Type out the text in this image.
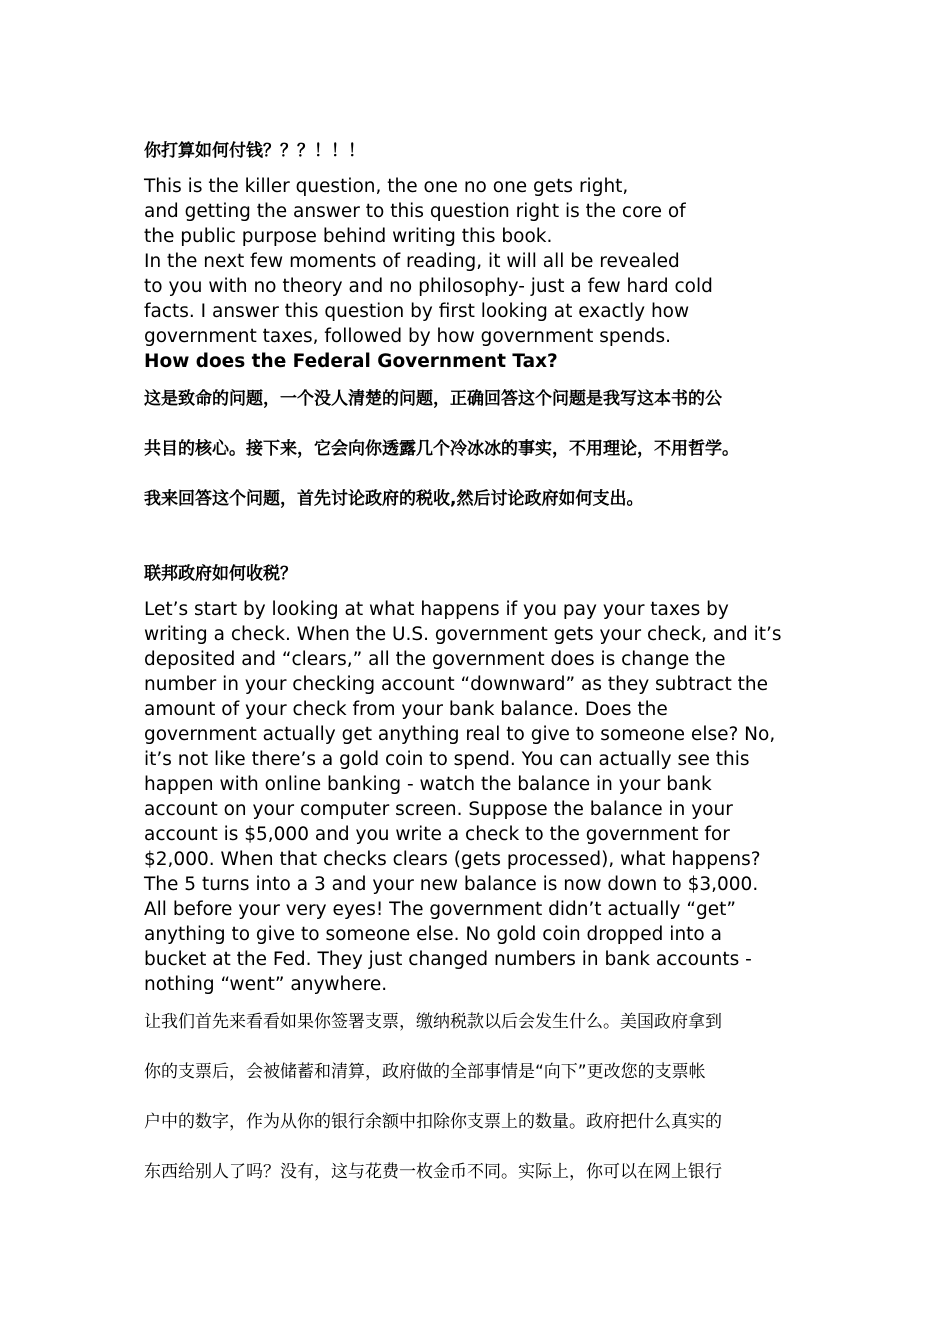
你打算如何付钱？？？！！！
This is the killer question, the one no one gets right,
and getting the answer to this question right is the core of
the public purpose behind writing this book.
In the next few moments of reading, it will all be revealed
to you with no theory and no philosophy- just a few hard cold
facts. I answer this question by first looking at exactly how
government taxes, followed by how government spends.
How does the Federal Government Tax?
这是致命的问题，一个没人清楚的问题，正确回答这个问题是我写这本书的公
共目的核心。接下来，它会向你透露几个冷冰冰的事实，不用理论，不用哲学。
我来回答这个问题，首先讨论政府的税收,然后讨论政府如何支出。
联邦政府如何收税？
Let’s start by looking at what happens if you pay your taxes by
writing a check. When the U.S. government gets your check, and it’s
deposited and “clears,” all the government does is change the
number in your checking account “downward” as they subtract the
amount of your check from your bank balance. Does the
government actually get anything real to give to someone else? No,
it’s not like there’s a gold coin to spend. You can actually see this
happen with online banking - watch the balance in your bank
account on your computer screen. Suppose the balance in your
account is $5,000 and you write a check to the government for
$2,000. When that checks clears (gets processed), what happens?
The 5 turns into a 3 and your new balance is now down to $3,000.
All before your very eyes! The government didn’t actually “get”
anything to give to someone else. No gold coin dropped into a
bucket at the Fed. They just changed numbers in bank accounts -
nothing “went” anywhere.
让我们首先来看看如果你签署支票，缴纳税款以后会发生什么。美国政府拿到
你的支票后，会被储蓄和清算，政府做的全部事情是“向下”更改您的支票帐
户中的数字，作为从你的银行余额中扣除你支票上的数量。政府把什么真实的
东西给别人了吗？没有，这与花费一枚金币不同。实际上，你可以在网上银行
